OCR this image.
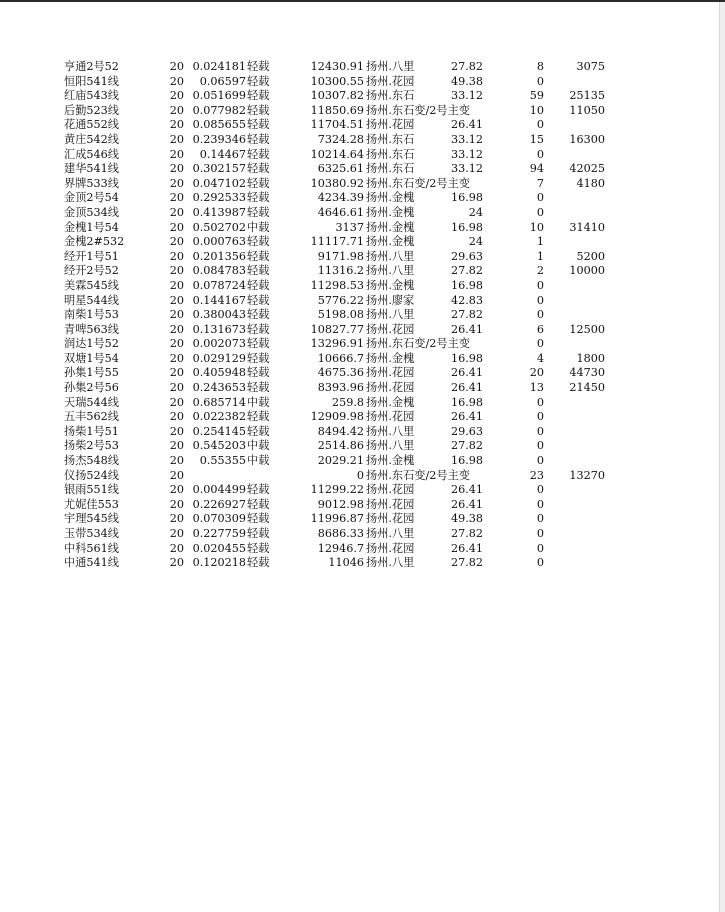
亨通2号52	20 0.024181 轻载	12430.91 扬州.八里	27.82	8	3075
恒阳541线	20	0.06597 轻载	10300.55 扬州.花园	49.38	0
红庙543线	20 0.051699 轻载	10307.82 扬州.东石	33.12	59	25135
后勤523线	20 0.077982 轻载	11850.69 扬州.东石变/2号主变	10	11050
花通552线	20 0.085655 轻载	11704.51 扬州.花园	26.41	0
黄庄542线	20 0.239346 轻载	7324.28 扬州.东石	33.12	15	16300
汇成546线	20	0.14467 轻载	10214.64 扬州.东石	33.12	0
建华541线	20 0.302157 轻载	6325.61 扬州.东石	33.12	94	42025
界牌533线	20 0.047102 轻载	10380.92 扬州.东石变/2号主变	7	4180
金顶2号54	20 0.292533 轻载	4234.39 扬州.金槐	16.98	0
金顶534线	20 0.413987 轻载	4646.61 扬州.金槐	24	0
金槐1号54	20 0.502702 中载	3137 扬州.金槐	16.98	10	31410
金槐2#532	20 0.000763 轻载	11117.71 扬州.金槐	24	1
经开1号51	20 0.201356 轻载	9171.98 扬州.八里	29.63	1	5200
经开2号52	20 0.084783 轻载	11316.2 扬州.八里	27.82	2	10000
美霖545线	20 0.078724 轻载	11298.53 扬州.金槐	16.98	0
明星544线	20 0.144167 轻载	5776.22 扬州.廖家	42.83	0
南柴1号53	20 0.380043 轻载	5198.08 扬州.八里	27.82	0
青啤563线	20 0.131673 轻载	10827.77 扬州.花园	26.41	6	12500
润达1号52	20 0.002073 轻载	13296.91 扬州.东石变/2号主变	0
双塘1号54	20 0.029129 轻载	10666.7 扬州.金槐	16.98	4	1800
孙集1号55	20 0.405948 轻载	4675.36 扬州.花园	26.41	20	44730
孙集2号56	20 0.243653 轻载	8393.96 扬州.花园	26.41	13	21450
天瑞544线	20 0.685714 中载	259.8 扬州.金槐	16.98	0
五丰562线	20 0.022382 轻载	12909.98 扬州.花园	26.41	0
扬柴1号51	20 0.254145 轻载	8494.42 扬州.八里	29.63	0
扬柴2号53	20 0.545203 中载	2514.86 扬州.八里	27.82	0
扬杰548线	20	0.55355 中载	2029.21 扬州.金槐	16.98	0
仪扬524线	20	0 扬州.东石变/2号主变	23	13270
银雨551线	20 0.004499 轻载	11299.22 扬州.花园	26.41	0
尤妮佳553	20 0.226927 轻载	9012.98 扬州.花园	26.41	0
宇理545线	20 0.070309 轻载	11996.87 扬州.花园	49.38	0
玉带534线	20 0.227759 轻载	8686.33 扬州.八里	27.82	0
中科561线	20 0.020455 轻载	12946.7 扬州.花园	26.41	0
中通541线	20 0.120218 轻载	11046 扬州.八里	27.82	0
